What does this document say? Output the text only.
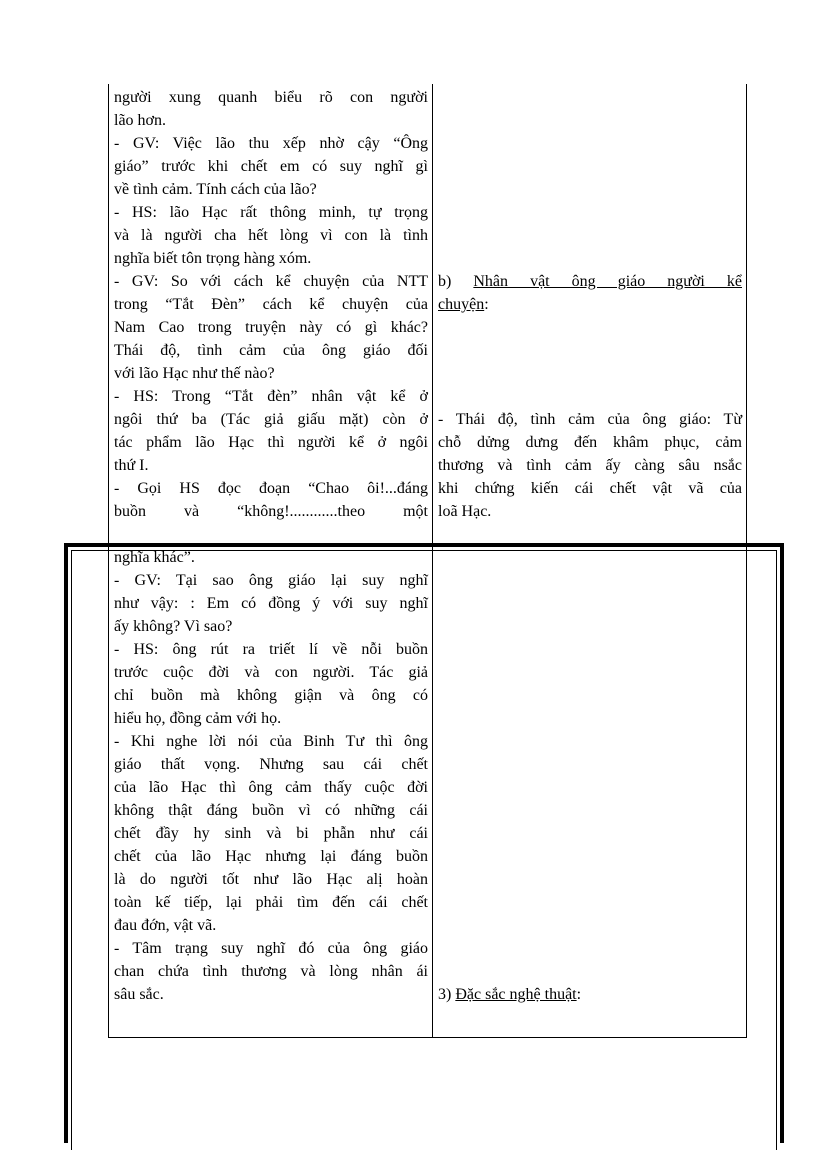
người xung quanh biểu rõ con người
lão hơn.
- GV: Việc lão thu xếp nhờ cậy “Ông
giáo” trước khi chết em có suy nghĩ gì
về tình cảm. Tính cách của lão?
- HS: lão Hạc rất thông minh, tự trọng
và là người cha hết lòng vì con là tình
nghĩa biết tôn trọng hàng xóm.
- GV: So với cách kể chuyện của NTT
trong “Tắt Đèn” cách kể chuyện của
Nam Cao trong truyện này có gì khác?
Thái độ, tình cảm của ông giáo đối
với lão Hạc như thế nào?
- HS: Trong “Tắt đèn” nhân vật kể ở
ngôi thứ ba (Tác giả giấu mặt) còn ở
tác phẩm lão Hạc thì người kể ở ngôi
thứ I.
- Gọi HS đọc đoạn “Chao ôi!...đáng
buồn và “không!............theo một
b) Nhân vật ông giáo người kể
chuyện:
- Thái độ, tình cảm của ông giáo: Từ
chỗ dửng dưng đến khâm phục, cảm
thương và tình cảm ấy càng sâu nsắc
khi chứng kiến cái chết vật vã của
loã Hạc.
nghĩa khác”.
- GV: Tại sao ông giáo lại suy nghĩ
như vậy: : Em có đồng ý với suy nghĩ
ấy không? Vì sao?
- HS: ông rút ra triết lí về nỗi buồn
trước cuộc đời và con người. Tác giả
chỉ buồn mà không giận và ông có
hiểu họ, đồng cảm với họ.
- Khi nghe lời nói của Binh Tư thì ông
giáo thất vọng. Nhưng sau cái chết
của lão Hạc thì ông cảm thấy cuộc đời
không thật đáng buồn vì có những cái
chết đầy hy sinh và bi phẫn như cái
chết của lão Hạc nhưng lại đáng buồn
là do người tốt như lão Hạc alị hoàn
toàn kế tiếp, lại phải tìm đến cái chết
đau đớn, vật vã.
- Tâm trạng suy nghĩ đó của ông giáo
chan chứa tình thương và lòng nhân ái
sâu sắc.	3) Đặc sắc nghệ thuật:
